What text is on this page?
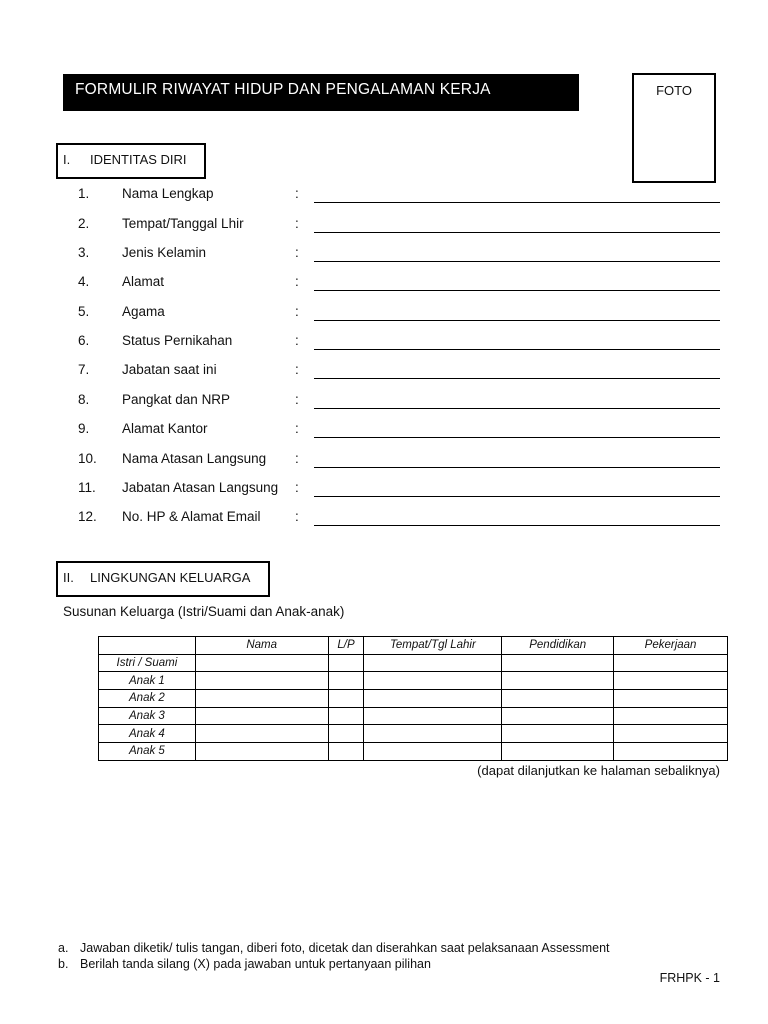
FORMULIR RIWAYAT HIDUP DAN PENGALAMAN KERJA	FOTO
I. IDENTITAS DIRI
1. Nama Lengkap	:
2. Tempat/Tanggal Lhir	:
3. Jenis Kelamin	:
4. Alamat	:
5. Agama	:
6. Status Pernikahan	:
7. Jabatan saat ini	:
8. Pangkat dan NRP	:
9. Alamat Kantor	:
10. Nama Atasan Langsung :
11. Jabatan Atasan Langsung :
12. No. HP & Alamat Email	:
II. LINGKUNGAN KELUARGA
Susunan Keluarga (Istri/Suami dan Anak-anak)
	Nama	L/P	Tempat/Tgl Lahir	Pendidikan	Pekerjaan
Istri / Suami					
Anak 1					
Anak 2					
Anak 3					
Anak 4					
Anak 5					
(dapat dilanjutkan ke halaman sebaliknya)
a. Jawaban diketik/ tulis tangan, diberi foto, dicetak dan diserahkan saat pelaksanaan Assessment
b. Berilah tanda silang (X) pada jawaban untuk pertanyaan pilihan
FRHPK - 1
